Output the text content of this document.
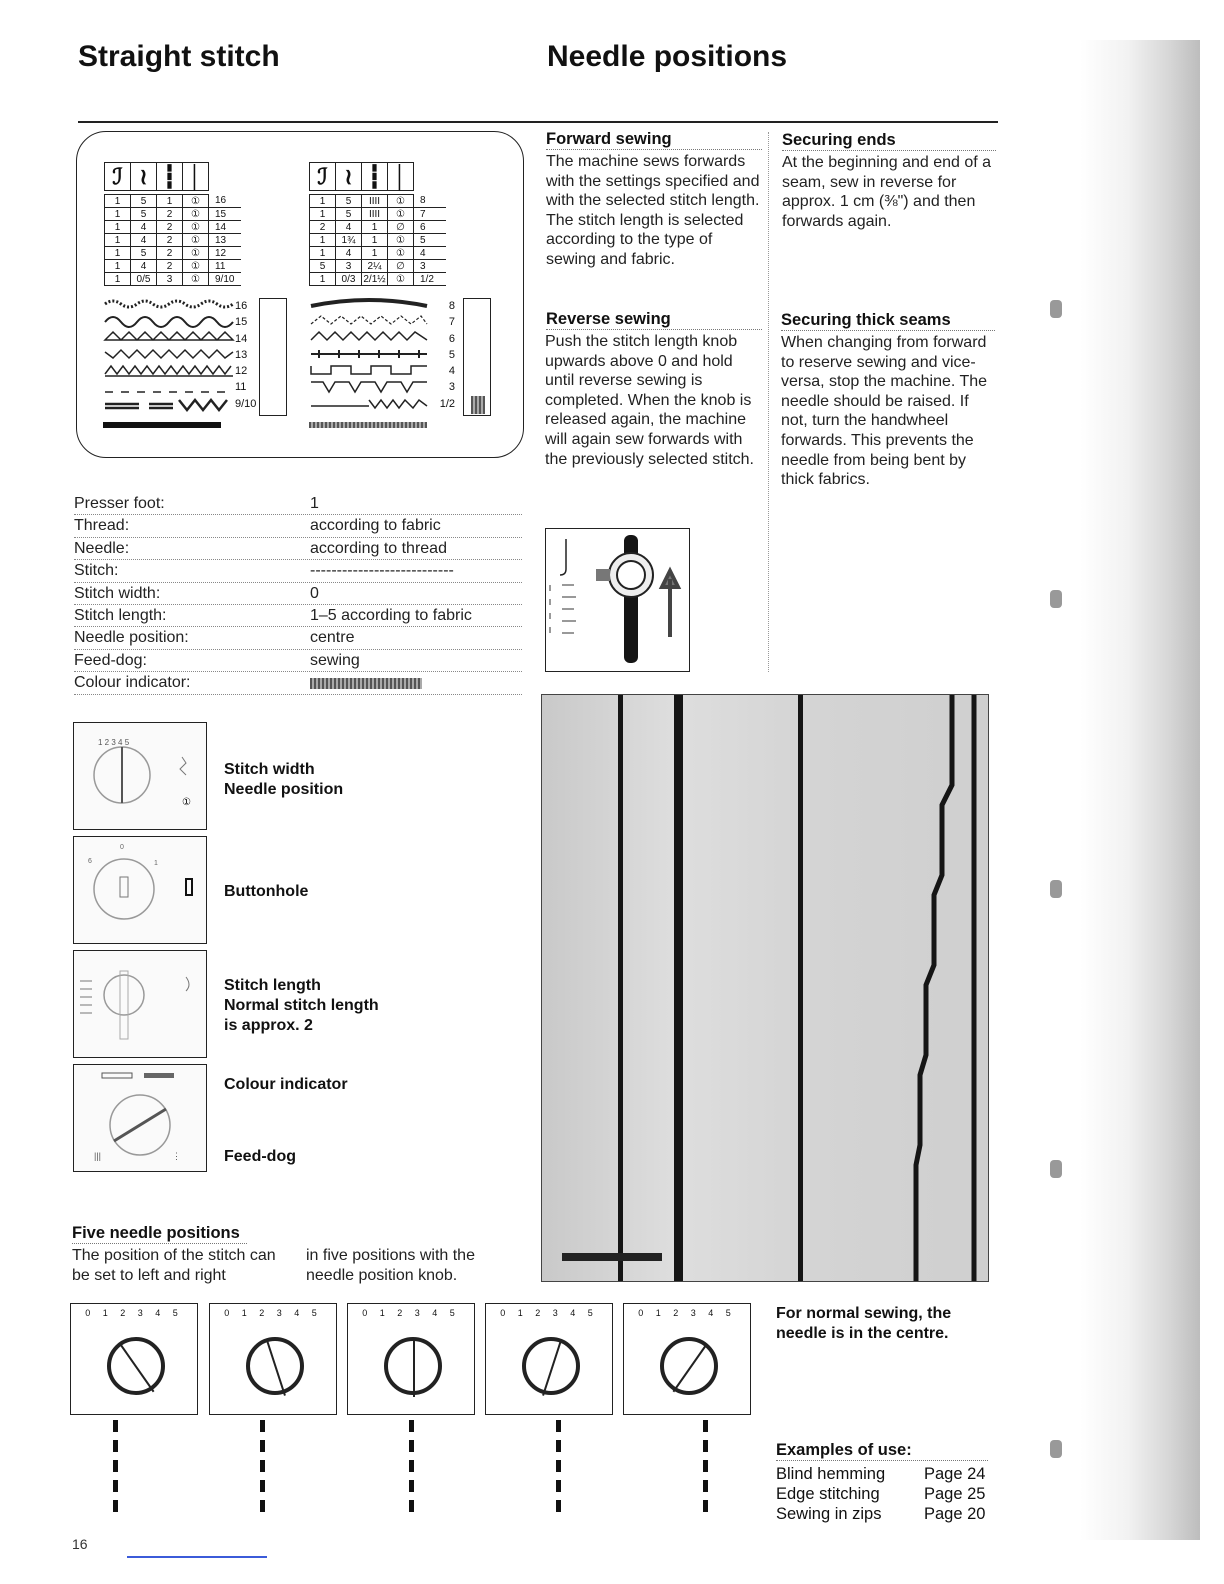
Straight stitch	Needle positions
ℐ ≀ ┇ │
1	5	1	①	16
1	5	2	①	15
1	4	2	①	14
1	4	2	①	13
1	5	2	①	12
1	4	2	①	11
1	0/5	3	①	9/10
ℐ ≀ ┇ │
1	5	IIII	①	8
1	5	IIII	①	7
2	4	1	∅	6
1	1¾	1	①	5
1	4	1	①	4
5	3	2¼	∅	3
1	0/3	2/1½	①	1/2
16
15
14
13
12
11
9/10
8
7
6
5
4
3
1/2
Presser foot:	1
Thread:	according to fabric
Needle:	according to thread
Stitch:	---------------------------
Stitch width:	0
Stitch length:	1–5 according to fabric
Needle position:	centre
Feed-dog:	sewing
Colour indicator:
1 2 3 4 5
①
Stitch width
Needle position
0
6	1
Buttonhole
Stitch length
Normal stitch length
is approx. 2
|||	⋮
Colour indicator
Feed-dog
Five needle positions
The position of the stitch can be set to left and right
in five positions with the needle position knob.
0 1 2 3 4 5	0 1 2 3 4 5	0 1 2 3 4 5	0 1 2 3 4 5	0 1 2 3 4 5
Forward sewing
The machine sews forwards with the settings specified and with the selected stitch length. The stitch length is selected according to the type of sewing and fabric.
Reverse sewing
Push the stitch length knob upwards above 0 and hold until reverse sewing is completed. When the knob is released again, the machine will again sew forwards with the previously selected stitch.
Securing ends
At the beginning and end of a seam, sew in reverse for approx. 1 cm (⅜") and then forwards again.
Securing thick seams
When changing from forward to reserve sewing and vice-versa, stop the machine. The needle should be raised. If not, turn the handwheel forwards. This prevents the needle from being bent by thick fabrics.
For normal sewing, the needle is in the centre.
Examples of use:
Blind hemming	Page 24
Edge stitching	Page 25
Sewing in zips	Page 20
16
